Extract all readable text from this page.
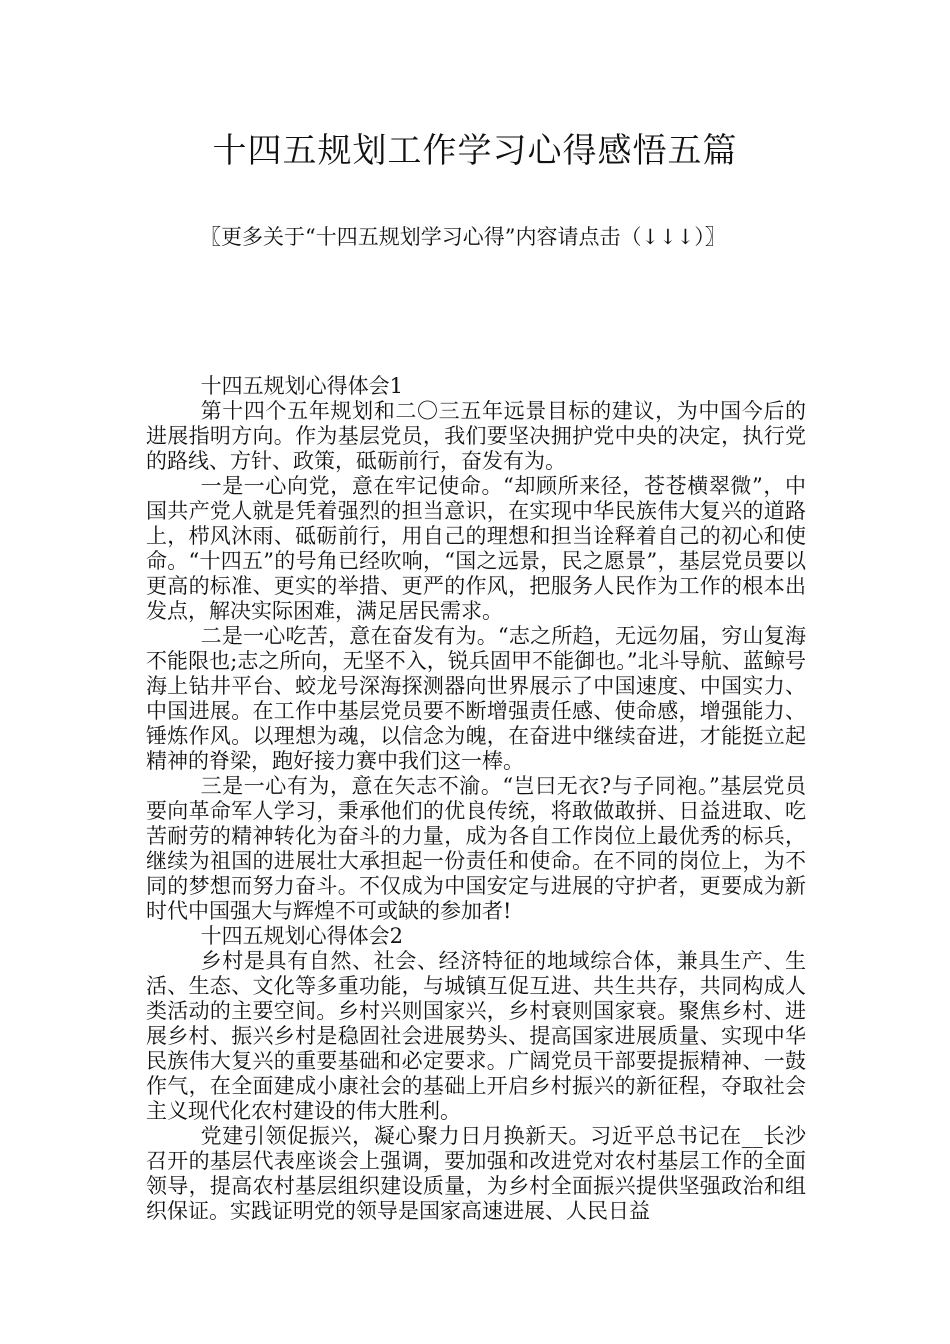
十四五规划工作学习心得感悟五篇
〖更多关于“十四五规划学习心得”内容请点击（↓↓↓）〗

十四五规划心得体会1

第十四个五年规划和二〇三五年远景目标的建议，为中国今后的进展指明方向。作为基层党员，我们要坚决拥护党中央的决定，执行党的路线、方针、政策，砥砺前行，奋发有为。

一是一心向党，意在牢记使命。“却顾所来径，苍苍横翠微”，中国共产党人就是凭着强烈的担当意识，在实现中华民族伟大复兴的道路上，栉风沐雨、砥砺前行，用自己的理想和担当诠释着自己的初心和使命。“十四五”的号角已经吹响，“国之远景，民之愿景”，基层党员要以更高的标准、更实的举措、更严的作风，把服务人民作为工作的根本出发点，解决实际困难，满足居民需求。

二是一心吃苦，意在奋发有为。“志之所趋，无远勿届，穷山复海不能限也;志之所向，无坚不入，锐兵固甲不能御也。”北斗导航、蓝鲸号海上钻井平台、蛟龙号深海探测器向世界展示了中国速度、中国实力、中国进展。在工作中基层党员要不断增强责任感、使命感，增强能力、锤炼作风。以理想为魂，以信念为魄，在奋进中继续奋进，才能挺立起精神的脊梁，跑好接力赛中我们这一棒。

三是一心有为，意在矢志不渝。“岂曰无衣?与子同袍。”基层党员要向革命军人学习，秉承他们的优良传统，将敢做敢拼、日益进取、吃苦耐劳的精神转化为奋斗的力量，成为各自工作岗位上最优秀的标兵，继续为祖国的进展壮大承担起一份责任和使命。在不同的岗位上，为不同的梦想而努力奋斗。不仅成为中国安定与进展的守护者，更要成为新时代中国强大与辉煌不可或缺的参加者!

十四五规划心得体会2

乡村是具有自然、社会、经济特征的地域综合体，兼具生产、生活、生态、文化等多重功能，与城镇互促互进、共生共存，共同构成人类活动的主要空间。乡村兴则国家兴，乡村衰则国家衰。聚焦乡村、进展乡村、振兴乡村是稳固社会进展势头、提高国家进展质量、实现中华民族伟大复兴的重要基础和必定要求。广阔党员干部要提振精神、一鼓作气，在全面建成小康社会的基础上开启乡村振兴的新征程，夺取社会主义现代化农村建设的伟大胜利。

党建引领促振兴，凝心聚力日月换新天。习近平总书记在__长沙召开的基层代表座谈会上强调，要加强和改进党对农村基层工作的全面领导，提高农村基层组织建设质量，为乡村全面振兴提供坚强政治和组织保证。实践证明党的领导是国家高速进展、人民日益
